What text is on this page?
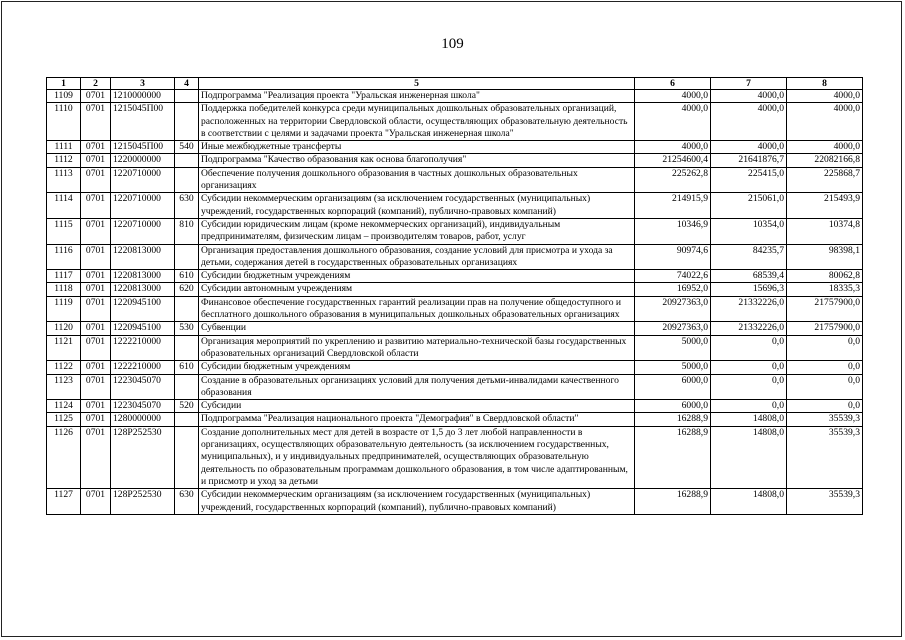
109
1	2	3	4	5	6	7	8
1109	0701	1210000000		Подпрограмма "Реализация проекта "Уральская инженерная школа"	4000,0	4000,0	4000,0
1110	0701	1215045П00		Поддержка победителей конкурса среди муниципальных дошкольных образовательных организаций, расположенных на территории Свердловской области, осуществляющих образовательную деятельность в соответствии с целями и задачами проекта "Уральская инженерная школа"	4000,0	4000,0	4000,0
1111	0701	1215045П00	540	Иные межбюджетные трансферты	4000,0	4000,0	4000,0
1112	0701	1220000000		Подпрограмма "Качество образования как основа благополучия"	21254600,4	21641876,7	22082166,8
1113	0701	1220710000		Обеспечение получения дошкольного образования в частных дошкольных образовательных организациях	225262,8	225415,0	225868,7
1114	0701	1220710000	630	Субсидии некоммерческим организациям (за исключением государственных (муниципальных) учреждений, государственных корпораций (компаний), публично-правовых компаний)	214915,9	215061,0	215493,9
1115	0701	1220710000	810	Субсидии юридическим лицам (кроме некоммерческих организаций), индивидуальным предпринимателям, физическим лицам – производителям товаров, работ, услуг	10346,9	10354,0	10374,8
1116	0701	1220813000		Организация предоставления дошкольного образования, создание условий для присмотра и ухода за детьми, содержания детей в государственных образовательных организациях	90974,6	84235,7	98398,1
1117	0701	1220813000	610	Субсидии бюджетным учреждениям	74022,6	68539,4	80062,8
1118	0701	1220813000	620	Субсидии автономным учреждениям	16952,0	15696,3	18335,3
1119	0701	1220945100		Финансовое обеспечение государственных гарантий реализации прав на получение общедоступного и бесплатного дошкольного образования в муниципальных дошкольных образовательных организациях	20927363,0	21332226,0	21757900,0
1120	0701	1220945100	530	Субвенции	20927363,0	21332226,0	21757900,0
1121	0701	1222210000		Организация мероприятий по укреплению и развитию материально-технической базы государственных образовательных организаций Свердловской области	5000,0	0,0	0,0
1122	0701	1222210000	610	Субсидии бюджетным учреждениям	5000,0	0,0	0,0
1123	0701	1223045070		Создание в образовательных организациях условий для получения детьми-инвалидами качественного образования	6000,0	0,0	0,0
1124	0701	1223045070	520	Субсидии	6000,0	0,0	0,0
1125	0701	1280000000		Подпрограмма "Реализация национального проекта "Демография" в Свердловской области"	16288,9	14808,0	35539,3
1126	0701	128P252530		Создание дополнительных мест для детей в возрасте от 1,5 до 3 лет любой направленности в организациях, осуществляющих образовательную деятельность (за исключением государственных, муниципальных), и у индивидуальных предпринимателей, осуществляющих образовательную деятельность по образовательным программам дошкольного образования, в том числе адаптированным, и присмотр и уход за детьми	16288,9	14808,0	35539,3
1127	0701	128P252530	630	Субсидии некоммерческим организациям (за исключением государственных (муниципальных) учреждений, государственных корпораций (компаний), публично-правовых компаний)	16288,9	14808,0	35539,3
